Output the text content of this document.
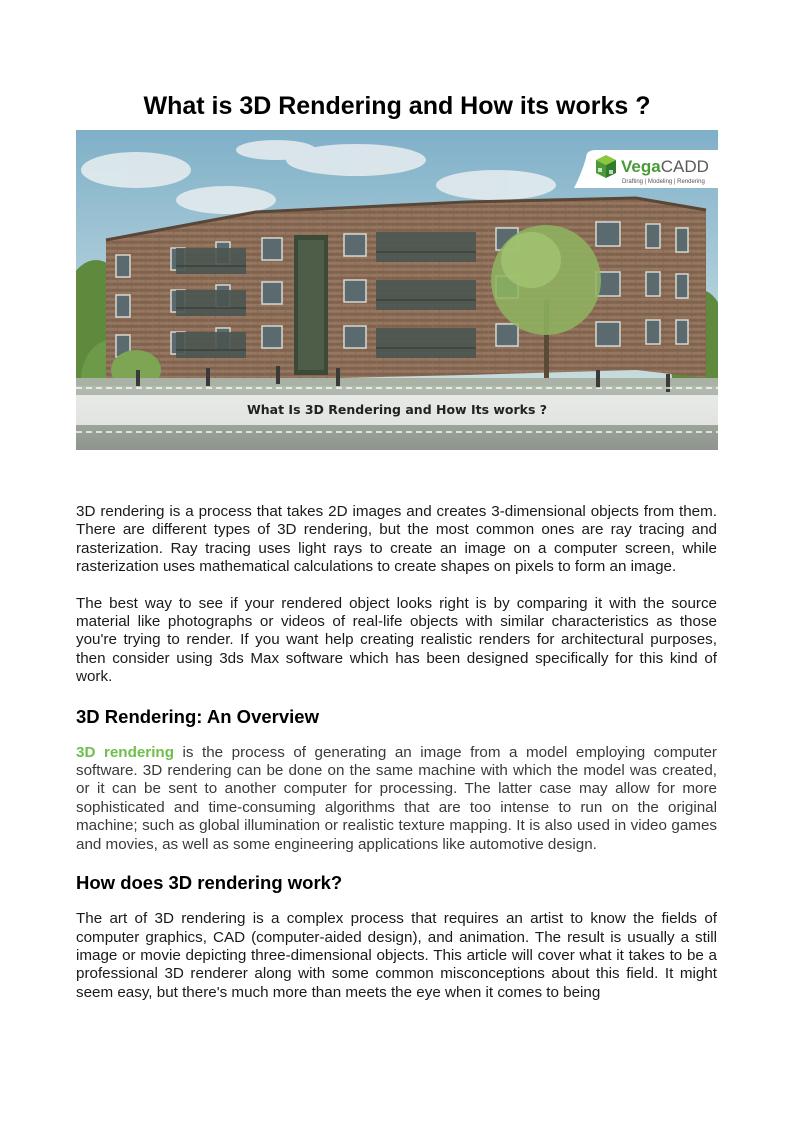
What is 3D Rendering and How its works ?
What Is 3D Rendering and How Its works ?
VegaCADD
Drafting | Modeling | Rendering

3D rendering is a process that takes 2D images and creates 3-dimensional objects from them. There are different types of 3D rendering, but the most common ones are ray tracing and rasterization. Ray tracing uses light rays to create an image on a computer screen, while rasterization uses mathematical calculations to create shapes on pixels to form an image.

The best way to see if your rendered object looks right is by comparing it with the source material like photographs or videos of real-life objects with similar characteristics as those you're trying to render. If you want help creating realistic renders for architectural purposes, then consider using 3ds Max software which has been designed specifically for this kind of work.

3D Rendering: An Overview

3D rendering is the process of generating an image from a model employing computer software. 3D rendering can be done on the same machine with which the model was created, or it can be sent to another computer for processing. The latter case may allow for more sophisticated and time-consuming algorithms that are too intense to run on the original machine; such as global illumination or realistic texture mapping. It is also used in video games and movies, as well as some engineering applications like automotive design.

How does 3D rendering work?

The art of 3D rendering is a complex process that requires an artist to know the fields of computer graphics, CAD (computer-aided design), and animation. The result is usually a still image or movie depicting three-dimensional objects. This article will cover what it takes to be a professional 3D renderer along with some common misconceptions about this field. It might seem easy, but there's much more than meets the eye when it comes to being
